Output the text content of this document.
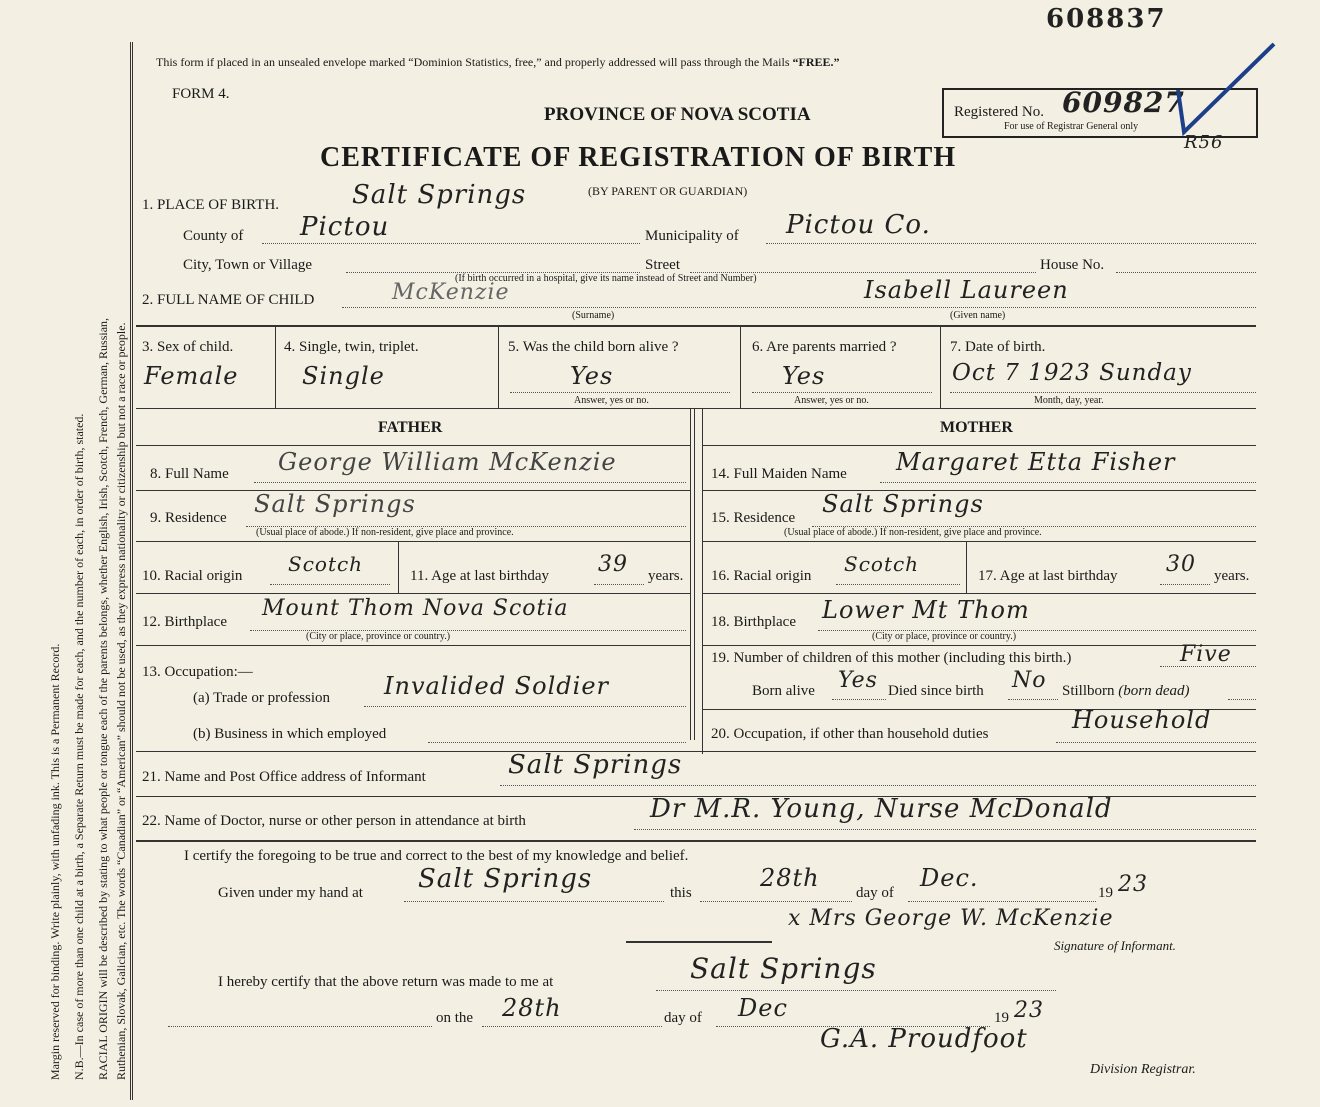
608837
Margin reserved for binding. Write plainly, with unfading ink. This is a Permanent Record. N.B.—In case of more than one child at a birth, a Separate Return must be made for each, and the number of each, in order of birth, stated. RACIAL ORIGIN will be described by stating to what people or tongue each of the parents belongs, whether English, Irish, Scotch, French, German, Russian, Ruthenian, Slovak, Galician, etc. The words “Canadian” or “American” should not be used, as they express nationality or citizenship but not a race or people.
This form if placed in an unsealed envelope marked “Dominion Statistics, free,” and properly addressed will pass through the Mails “FREE.”
FORM 4.
PROVINCE OF NOVA SCOTIA	Registered No. 609827
For use of Registrar General only
R56
CERTIFICATE OF REGISTRATION OF BIRTH
(BY PARENT OR GUARDIAN)
1. PLACE OF BIRTH.	Salt Springs
County of Pictou	Municipality of Pictou Co.
City, Town or Village	Street	House No.
(If birth occurred in a hospital, give its name instead of Street and Number)
2. FULL NAME OF CHILD	McKenzie
(Surname)
Isabell Laureen
(Given name)
3. Sex of child.
Female
4. Single, twin, triplet.
Single
5. Was the child born alive ?
Yes
Answer, yes or no.
6. Are parents married ?
Yes
Answer, yes or no.
7. Date of birth.
Oct 7 1923 Sunday
Month, day, year.
FATHER	MOTHER
8. Full Name George William McKenzie	14. Full Maiden Name Margaret Etta Fisher
9. Residence Salt Springs
(Usual place of abode.) If non-resident, give place and province.
15. Residence Salt Springs
(Usual place of abode.) If non-resident, give place and province.
10. Racial origin Scotch	11. Age at last birthday 39 years. 16. Racial origin Scotch	17. Age at last birthday 30 years.
12. Birthplace
Mount Thom Nova Scotia
(City or place, province or country.)
18. Birthplace Lower Mt Thom
(City or place, province or country.)
13. Occupation:—
(a) Trade or profession Invalided Soldier
(b) Business in which employed
19. Number of children of this mother (including this birth.)	Five
Born alive Yes Died since birth No Stillborn (born dead)
20. Occupation, if other than household duties	Household
21. Name and Post Office address of Informant	Salt Springs
22. Name of Doctor, nurse or other person in attendance at birth	Dr M.R. Young, Nurse McDonald
I certify the foregoing to be true and correct to the best of my knowledge and belief.
Given under my hand at Salt Springs	this
28th
day of
Dec.
19 23
x Mrs George W. McKenzie
Signature of Informant.
I hereby certify that the above return was made to me at	Salt Springs
on the 28th	day of Dec	19 23
G.A. Proudfoot
Division Registrar.
